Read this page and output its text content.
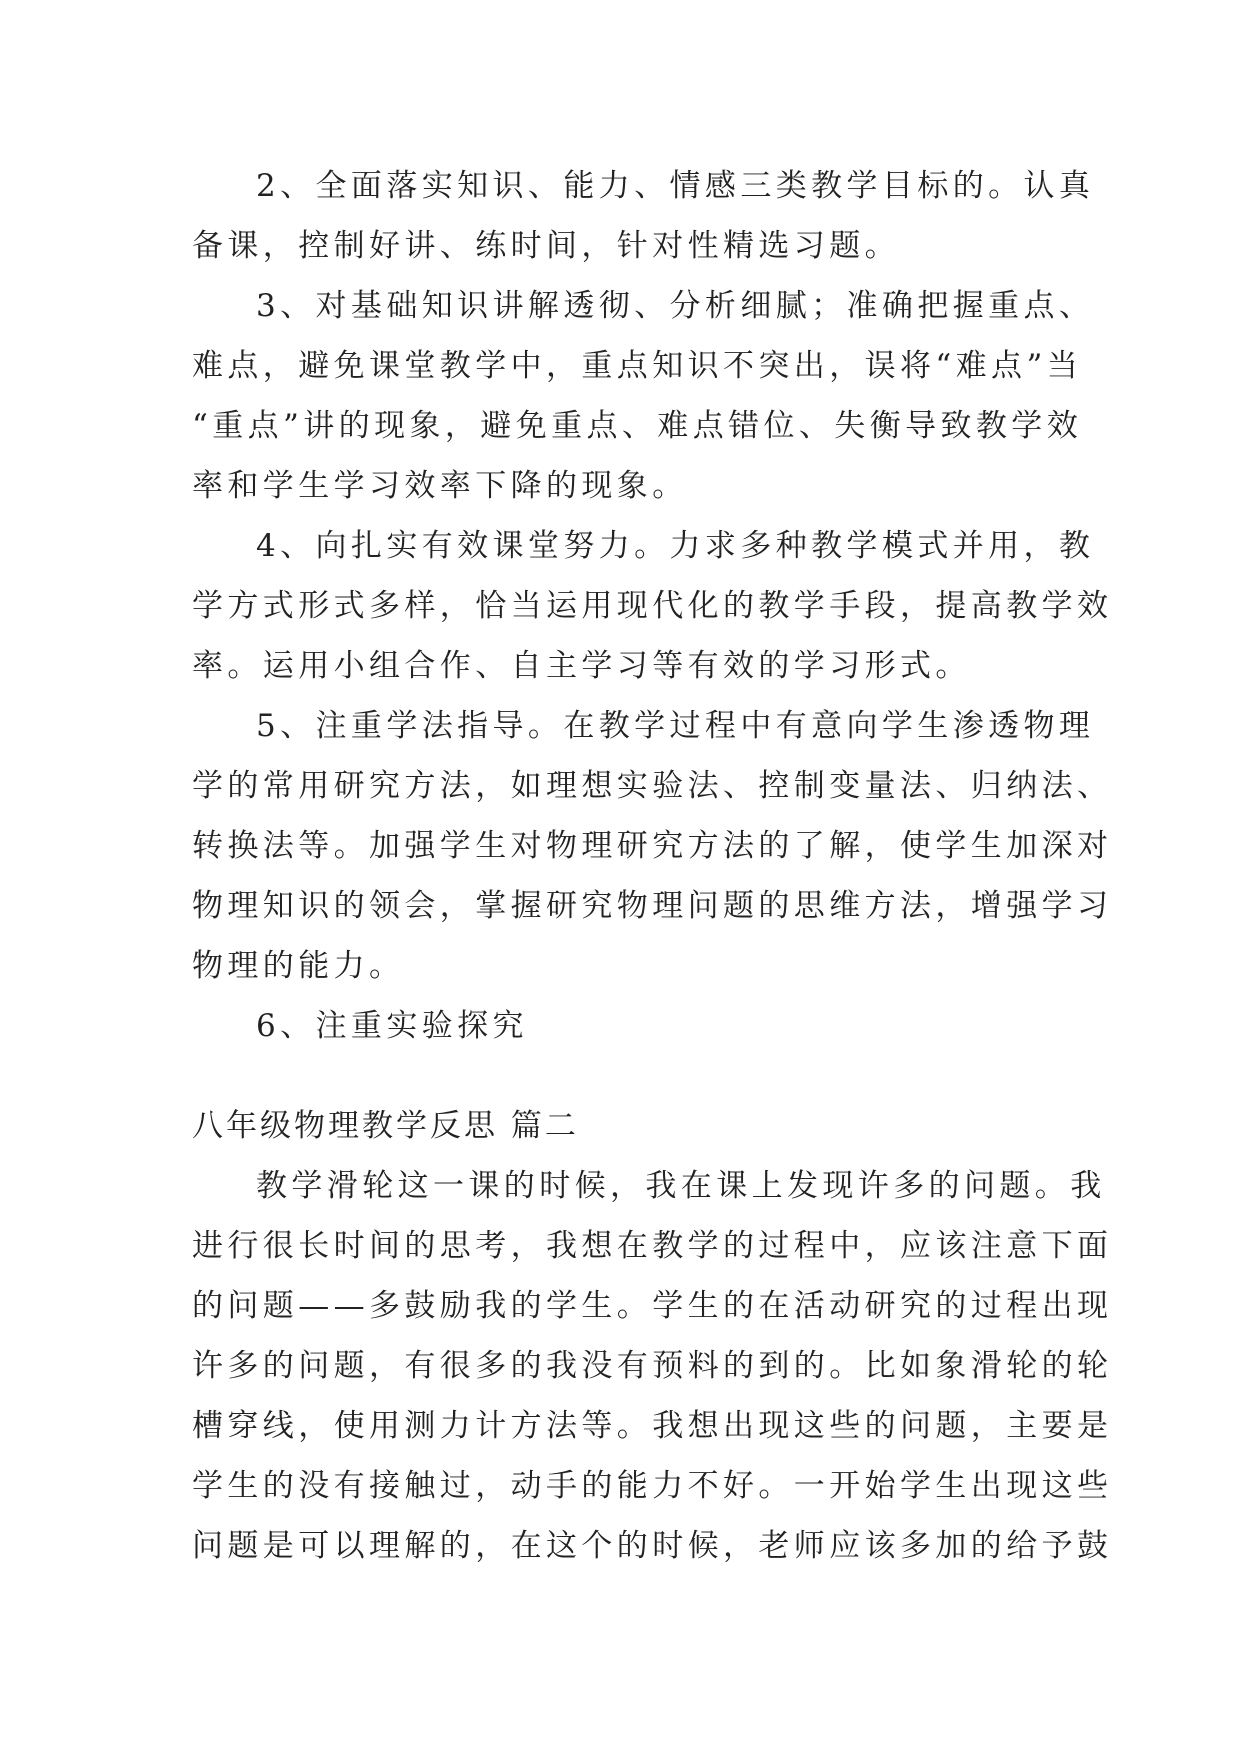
2、全面落实知识、能力、情感三类教学目标的。认真
备课，控制好讲、练时间，针对性精选习题。
3、对基础知识讲解透彻、分析细腻；准确把握重点、
难点，避免课堂教学中，重点知识不突出，误将“难点”当
“重点”讲的现象，避免重点、难点错位、失衡导致教学效
率和学生学习效率下降的现象。
4、向扎实有效课堂努力。力求多种教学模式并用，教
学方式形式多样，恰当运用现代化的教学手段，提高教学效
率。运用小组合作、自主学习等有效的学习形式。
5、注重学法指导。在教学过程中有意向学生渗透物理
学的常用研究方法，如理想实验法、控制变量法、归纳法、
转换法等。加强学生对物理研究方法的了解，使学生加深对
物理知识的领会，掌握研究物理问题的思维方法，增强学习
物理的能力。
6、注重实验探究
八年级物理教学反思 篇二
教学滑轮这一课的时候，我在课上发现许多的问题。我
进行很长时间的思考，我想在教学的过程中，应该注意下面
的问题——多鼓励我的学生。学生的在活动研究的过程出现
许多的问题，有很多的我没有预料的到的。比如象滑轮的轮
槽穿线，使用测力计方法等。我想出现这些的问题，主要是
学生的没有接触过，动手的能力不好。一开始学生出现这些
问题是可以理解的，在这个的时候，老师应该多加的给予鼓
